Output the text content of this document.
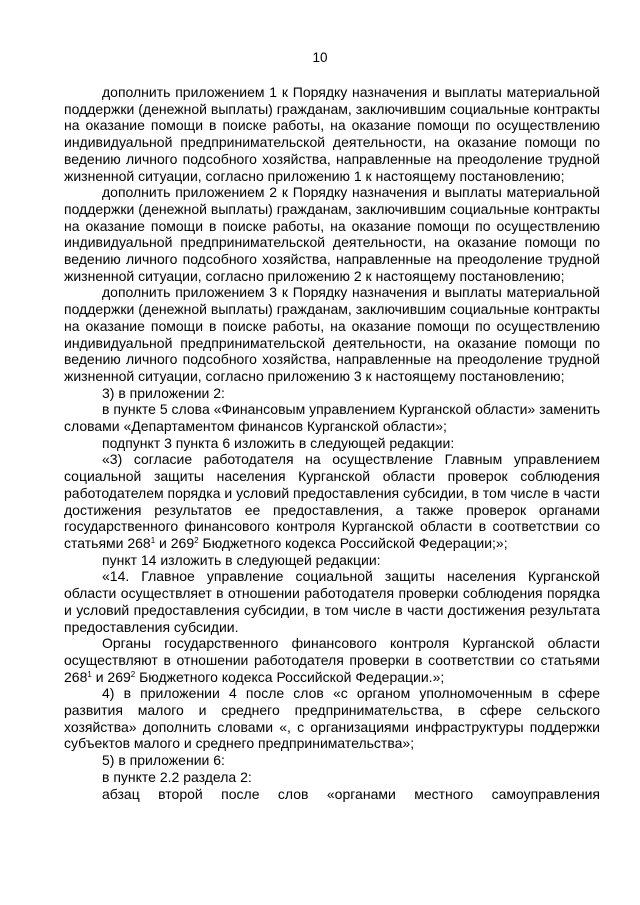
10

дополнить приложением 1 к Порядку назначения и выплаты материальной поддержки (денежной выплаты) гражданам, заключившим социальные контракты на оказание помощи в поиске работы, на оказание помощи по осуществлению индивидуальной предпринимательской деятельности, на оказание помощи по ведению личного подсобного хозяйства, направленные на преодоление трудной жизненной ситуации, согласно приложению 1 к настоящему постановлению;

дополнить приложением 2 к Порядку назначения и выплаты материальной поддержки (денежной выплаты) гражданам, заключившим социальные контракты на оказание помощи в поиске работы, на оказание помощи по осуществлению индивидуальной предпринимательской деятельности, на оказание помощи по ведению личного подсобного хозяйства, направленные на преодоление трудной жизненной ситуации, согласно приложению 2 к настоящему постановлению;

дополнить приложением 3 к Порядку назначения и выплаты материальной поддержки (денежной выплаты) гражданам, заключившим социальные контракты на оказание помощи в поиске работы, на оказание помощи по осуществлению индивидуальной предпринимательской деятельности, на оказание помощи по ведению личного подсобного хозяйства, направленные на преодоление трудной жизненной ситуации, согласно приложению 3 к настоящему постановлению;

3) в приложении 2:

в пункте 5 слова «Финансовым управлением Курганской области» заменить словами «Департаментом финансов Курганской области»;

подпункт 3 пункта 6 изложить в следующей редакции:

«3) согласие работодателя на осуществление Главным управлением социальной защиты населения Курганской области проверок соблюдения работодателем порядка и условий предоставления субсидии, в том числе в части достижения результатов ее предоставления, а также проверок органами государственного финансового контроля Курганской области в соответствии со статьями $268^1$ и $269^2$ Бюджетного кодекса Российской Федерации;»;

пункт 14 изложить в следующей редакции:

«14. Главное управление социальной защиты населения Курганской области осуществляет в отношении работодателя проверки соблюдения порядка и условий предоставления субсидии, в том числе в части достижения результата предоставления субсидии.

Органы государственного финансового контроля Курганской области осуществляют в отношении работодателя проверки в соответствии со статьями $268^1$ и $269^2$ Бюджетного кодекса Российской Федерации.»;

4) в приложении 4 после слов «с органом уполномоченным в сфере развития малого и среднего предпринимательства, в сфере сельского хозяйства» дополнить словами «, с организациями инфраструктуры поддержки субъектов малого и среднего предпринимательства»;

5) в приложении 6:

в пункте 2.2 раздела 2:

абзац второй после слов «органами местного самоуправления
